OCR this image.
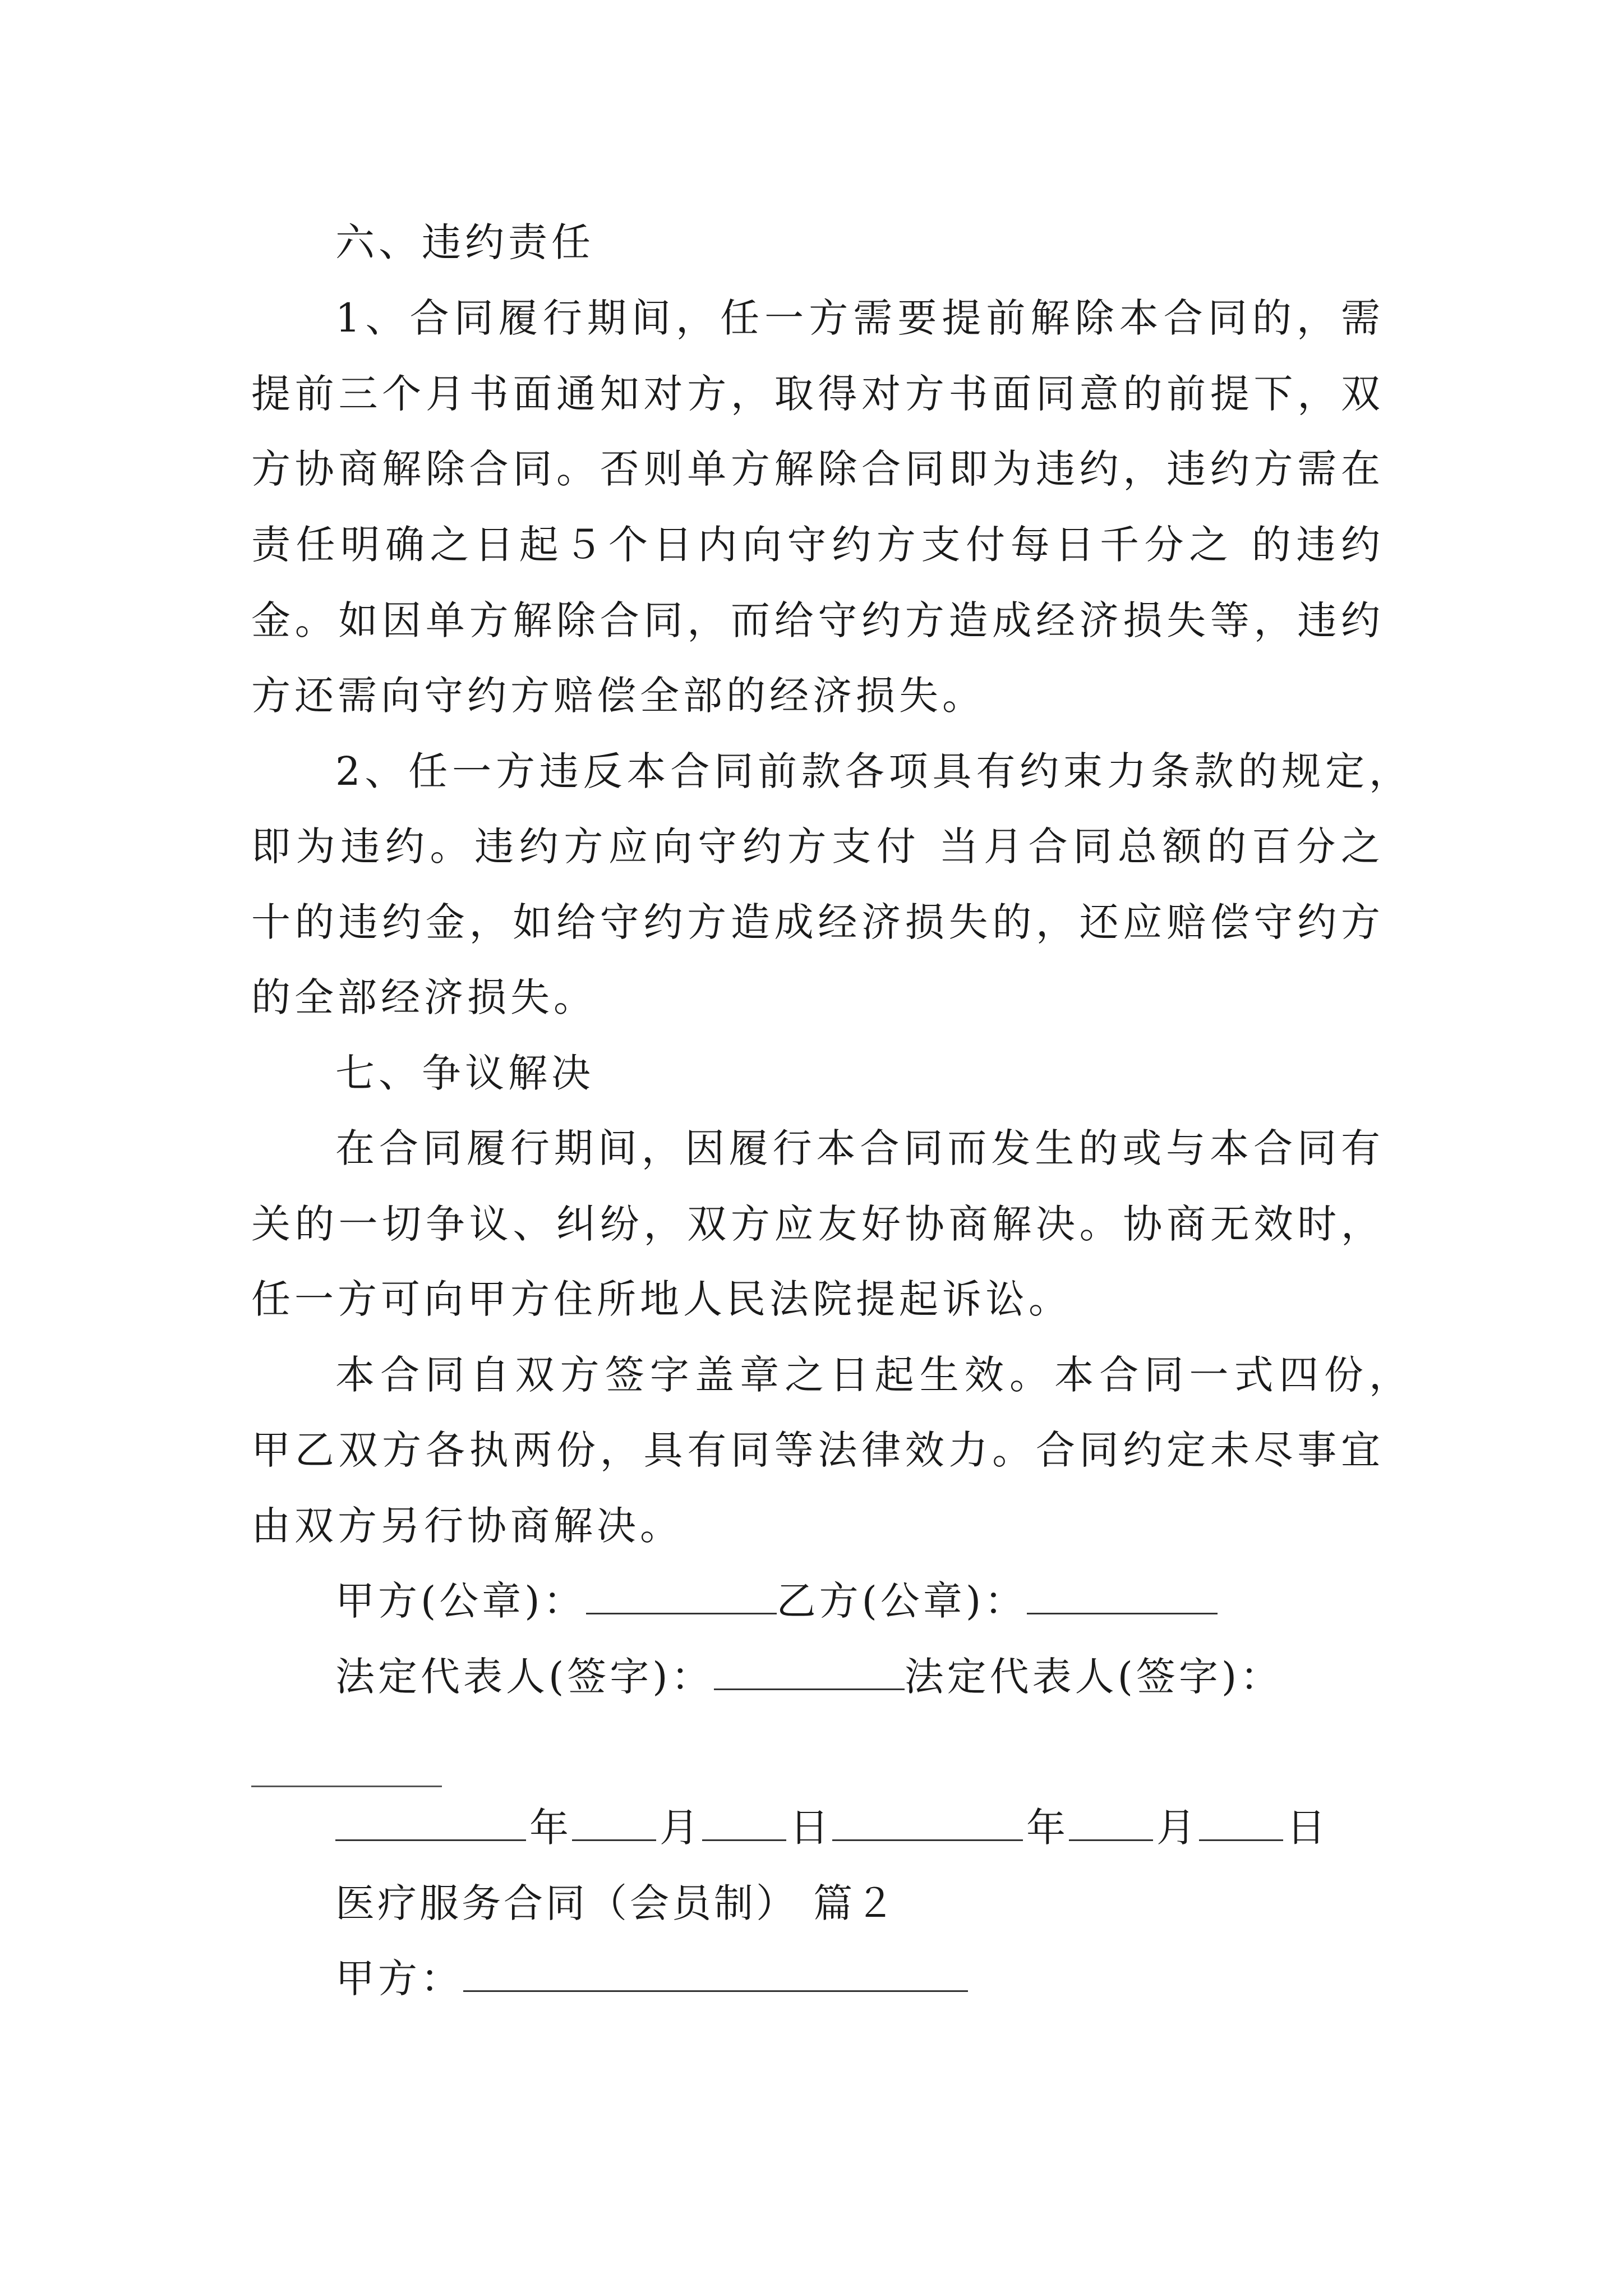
六、违约责任
1、合同履行期间，任一方需要提前解除本合同的，需
提前三个月书面通知对方，取得对方书面同意的前提下，双
方协商解除合同。否则单方解除合同即为违约，违约方需在
责任明确之日起５个日内向守约方支付每日千分之 的违约
金。如因单方解除合同，而给守约方造成经济损失等，违约
方还需向守约方赔偿全部的经济损失。
2、任一方违反本合同前款各项具有约束力条款的规定，
即为违约。违约方应向守约方支付 当月合同总额的百分之
十的违约金，如给守约方造成经济损失的，还应赔偿守约方
的全部经济损失。
七、争议解决
在合同履行期间，因履行本合同而发生的或与本合同有
关的一切争议、纠纷，双方应友好协商解决。协商无效时，
任一方可向甲方住所地人民法院提起诉讼。
本合同自双方签字盖章之日起生效。本合同一式四份，
甲乙双方各执两份，具有同等法律效力。合同约定未尽事宜
由双方另行协商解决。
甲方(公章)：	乙方(公章)：
法定代表人(签字)：	法定代表人(签字)：
年 月 日	年 月 日
医疗服务合同（会员制） 篇２
甲方：
